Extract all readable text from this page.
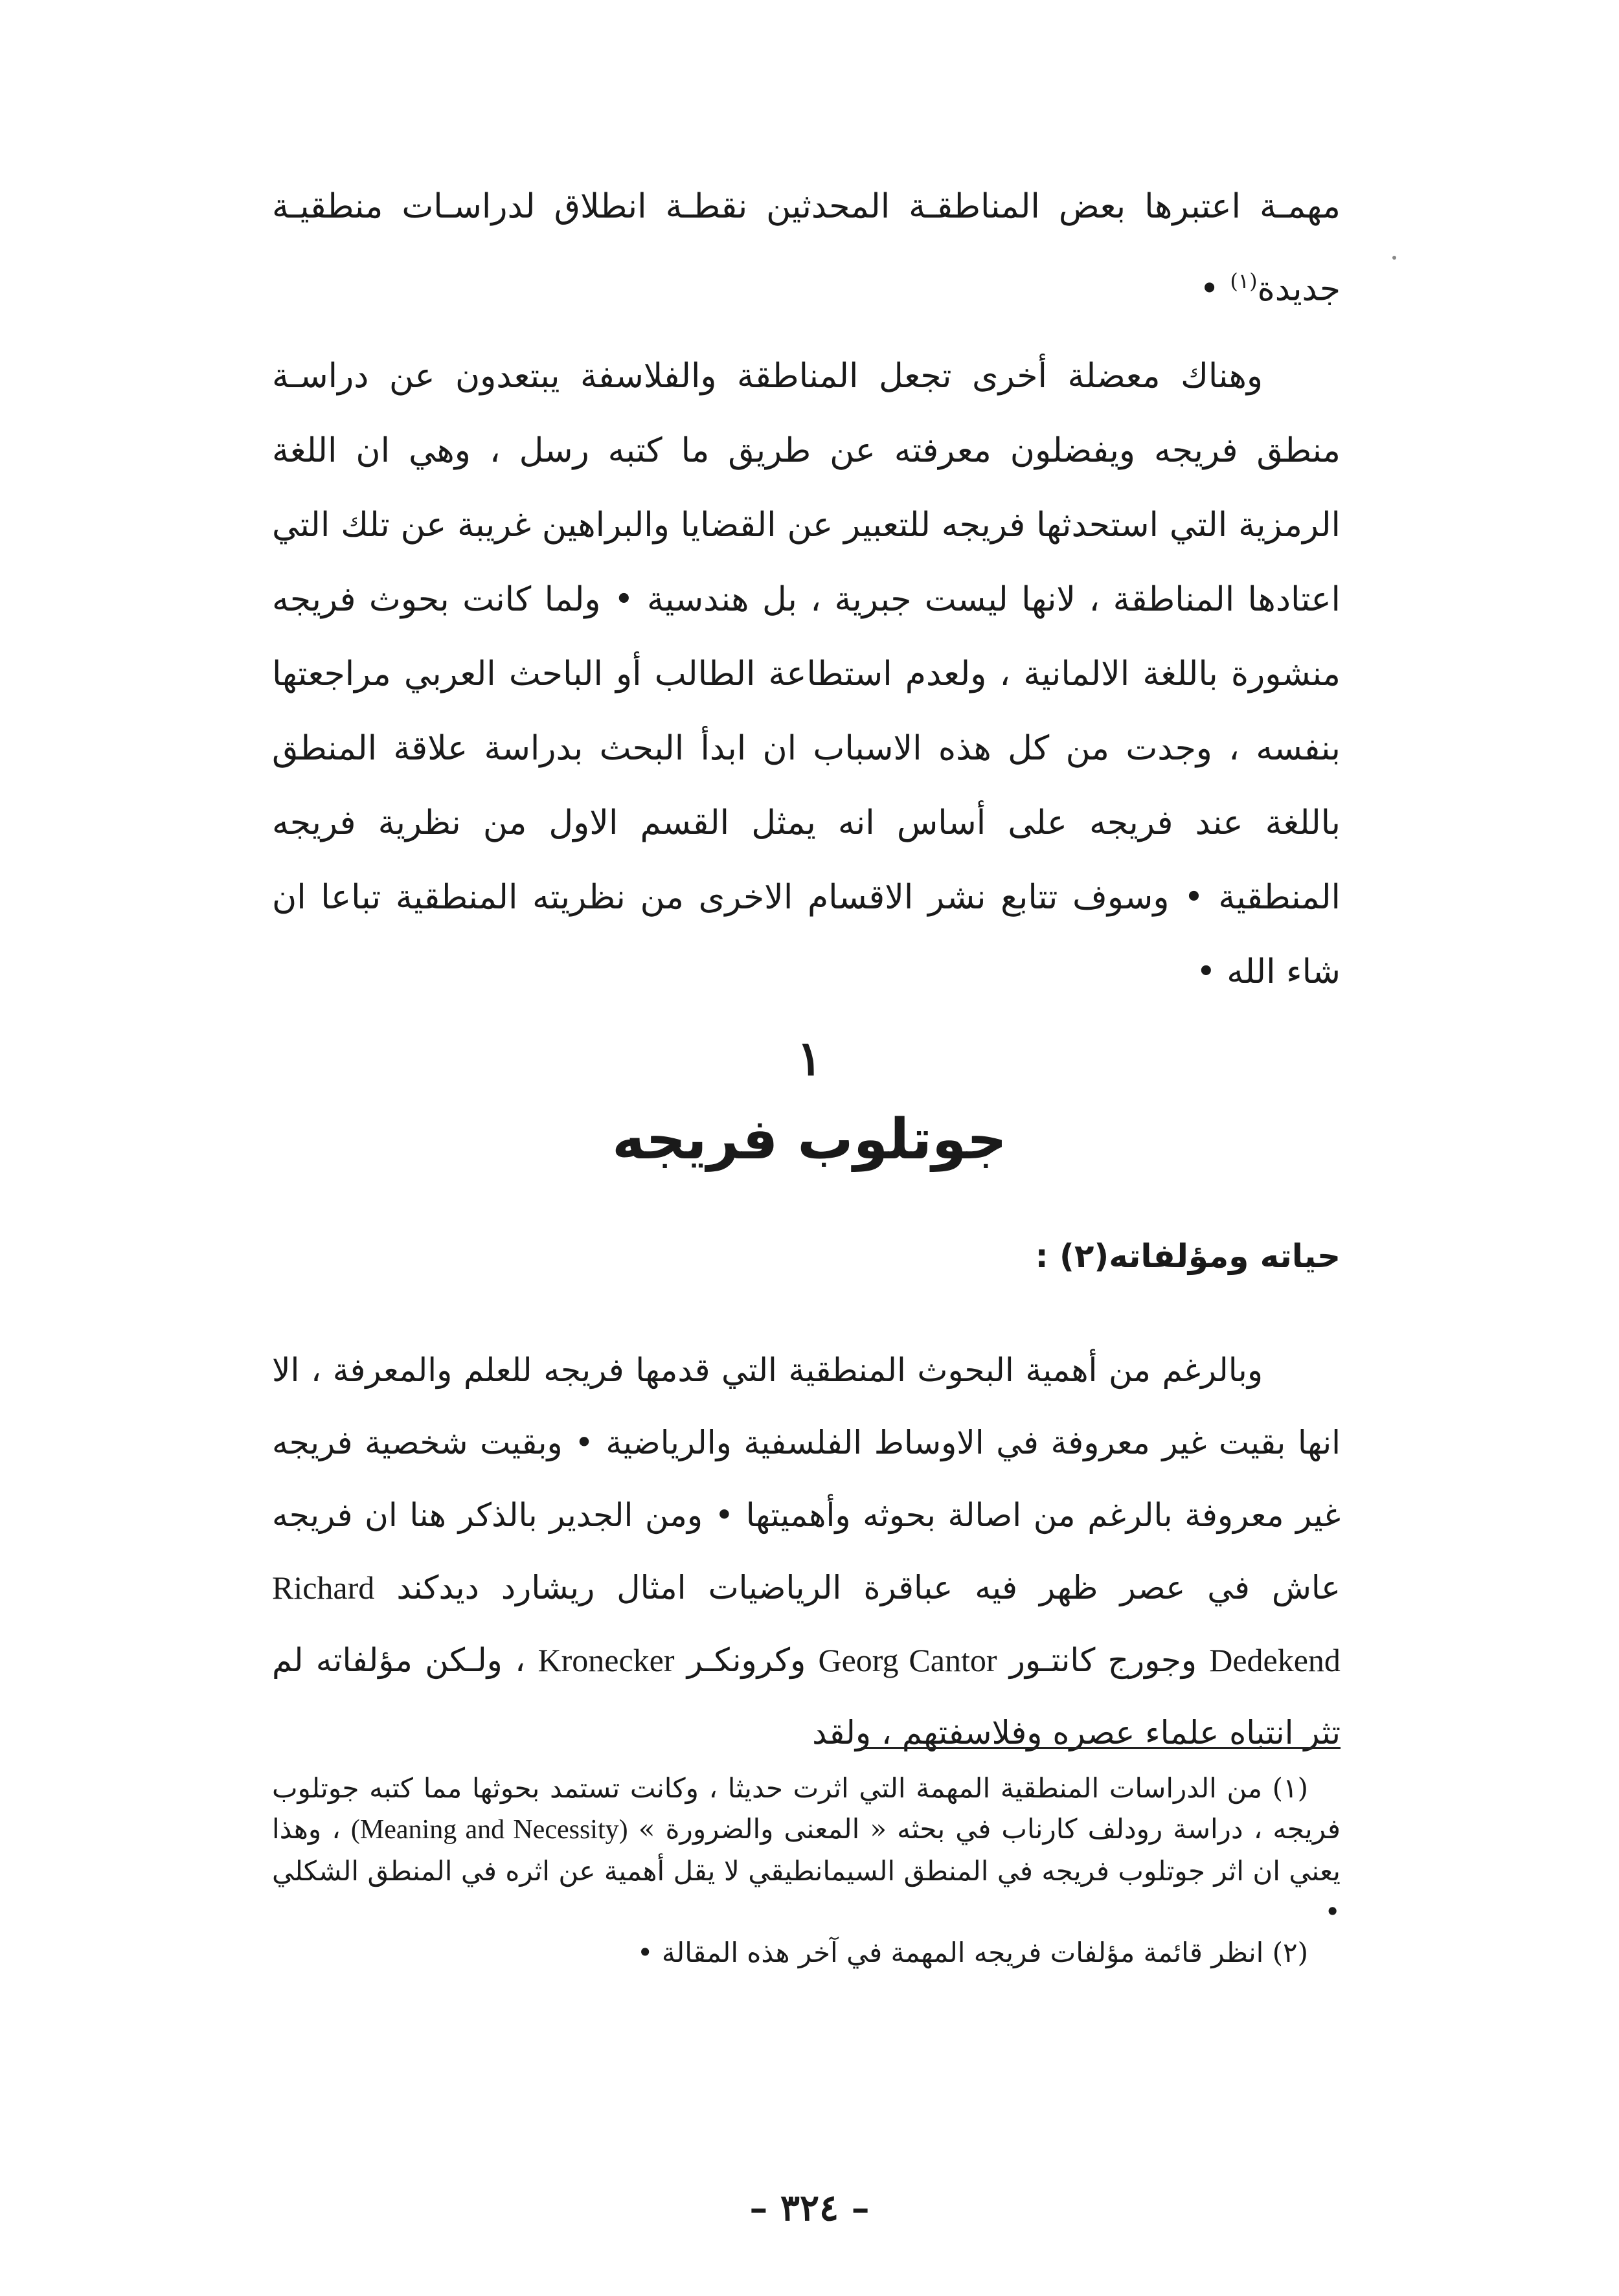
مهمـة اعتبرها بعض المناطقـة المحدثين نقطـة انطلاق لدراسـات منطقيـة جديدة$^{(١)}$ •

وهناك معضلة أخرى تجعل المناطقة والفلاسفة يبتعدون عن دراسـة منطق فريجه ويفضلون معرفته عن طريق ما كتبه رسل ، وهي ان اللغة الرمزية التي استحدثها فريجه للتعبير عن القضايا والبراهين غريبة عن تلك التي اعتادها المناطقة ، لانها ليست جبرية ، بل هندسية • ولما كانت بحوث فريجه منشورة باللغة الالمانية ، ولعدم استطاعة الطالب أو الباحث العربي مراجعتها بنفسه ، وجدت من كل هذه الاسباب ان ابدأ البحث بدراسة علاقة المنطق باللغة عند فريجه على أساس انه يمثل القسم الاول من نظرية فريجه المنطقية • وسوف تتابع نشر الاقسام الاخرى من نظريته المنطقية تباعا ان شاء الله •

١
جوتلوب فريجه
حياته ومؤلفاته(٢) :

وبالرغم من أهمية البحوث المنطقية التي قدمها فريجه للعلم والمعرفة ، الا انها بقيت غير معروفة في الاوساط الفلسفية والرياضية • وبقيت شخصية فريجه غير معروفة بالرغم من اصالة بحوثه وأهميتها • ومن الجدير بالذكر هنا ان فريجه عاش في عصر ظهر فيه عباقرة الرياضيات امثال ريشارد ديدكند Richard Dedekend وجورج كانتـور Georg Cantor وكرونكـر Kronecker ، ولـكن مؤلفاته لم تثر انتباه علماء عصره وفلاسفتهم ، ولقد

(١) من الدراسات المنطقية المهمة التي اثرت حديثا ، وكانت تستمد بحوثها مما كتبه جوتلوب فريجه ، دراسة رودلف كارناب في بحثه « المعنى والضرورة » (Meaning and Necessity) ، وهذا يعني ان اثر جوتلوب فريجه في المنطق السيمانطيقي لا يقل أهمية عن اثره في المنطق الشكلي •

(٢) انظر قائمة مؤلفات فريجه المهمة في آخر هذه المقالة •

– ٣٢٤ –
